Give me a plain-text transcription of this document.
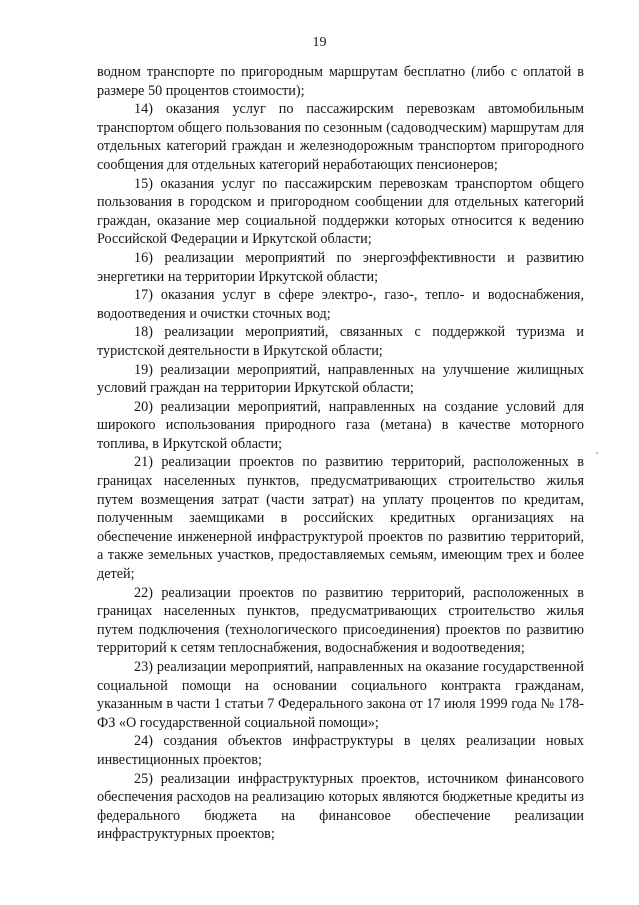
19

водном транспорте по пригородным маршрутам бесплатно (либо с оплатой в размере 50 процентов стоимости);

14) оказания услуг по пассажирским перевозкам автомобильным транспортом общего пользования по сезонным (садоводческим) маршрутам для отдельных категорий граждан и железнодорожным транспортом пригородного сообщения для отдельных категорий неработающих пенсионеров;

15) оказания услуг по пассажирским перевозкам транспортом общего пользования в городском и пригородном сообщении для отдельных категорий граждан, оказание мер социальной поддержки которых относится к ведению Российской Федерации и Иркутской области;

16) реализации мероприятий по энергоэффективности и развитию энергетики на территории Иркутской области;

17) оказания услуг в сфере электро-, газо-, тепло- и водоснабжения, водоотведения и очистки сточных вод;

18) реализации мероприятий, связанных с поддержкой туризма и туристской деятельности в Иркутской области;

19) реализации мероприятий, направленных на улучшение жилищных условий граждан на территории Иркутской области;

20) реализации мероприятий, направленных на создание условий для широкого использования природного газа (метана) в качестве моторного топлива, в Иркутской области;

21) реализации проектов по развитию территорий, расположенных в границах населенных пунктов, предусматривающих строительство жилья путем возмещения затрат (части затрат) на уплату процентов по кредитам, полученным заемщиками в российских кредитных организациях на обеспечение инженерной инфраструктурой проектов по развитию территорий, а также земельных участков, предоставляемых семьям, имеющим трех и более детей;

22) реализации проектов по развитию территорий, расположенных в границах населенных пунктов, предусматривающих строительство жилья путем подключения (технологического присоединения) проектов по развитию территорий к сетям теплоснабжения, водоснабжения и водоотведения;

23) реализации мероприятий, направленных на оказание государственной социальной помощи на основании социального контракта гражданам, указанным в части 1 статьи 7 Федерального закона от 17 июля 1999 года № 178-ФЗ «О государственной социальной помощи»;

24) создания объектов инфраструктуры в целях реализации новых инвестиционных проектов;

25) реализации инфраструктурных проектов, источником финансового обеспечения расходов на реализацию которых являются бюджетные кредиты из федерального бюджета на финансовое обеспечение реализации инфраструктурных проектов;
